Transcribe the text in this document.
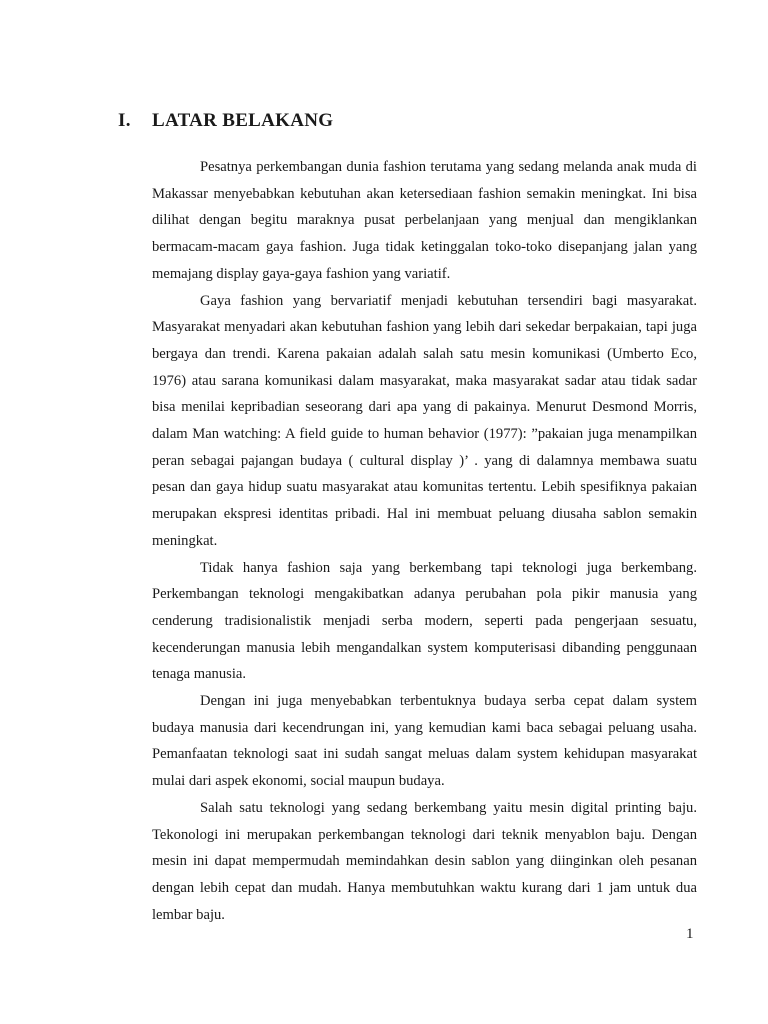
I.	LATAR BELAKANG

Pesatnya perkembangan dunia fashion terutama yang sedang melanda anak muda di Makassar menyebabkan kebutuhan akan ketersediaan fashion semakin meningkat. Ini bisa dilihat dengan begitu maraknya pusat perbelanjaan yang menjual dan mengiklankan bermacam-macam gaya fashion. Juga tidak ketinggalan toko-toko disepanjang jalan yang memajang display gaya-gaya fashion yang variatif.

Gaya fashion yang bervariatif menjadi kebutuhan tersendiri bagi masyarakat. Masyarakat menyadari akan kebutuhan fashion yang lebih dari sekedar berpakaian, tapi juga bergaya dan trendi. Karena pakaian adalah salah satu mesin komunikasi (Umberto Eco, 1976) atau sarana komunikasi dalam masyarakat, maka masyarakat sadar atau tidak sadar bisa menilai kepribadian seseorang dari apa yang di pakainya. Menurut Desmond Morris, dalam Man watching: A field guide to human behavior (1977): ”pakaian juga menampilkan peran sebagai pajangan budaya ( cultural display )’ . yang di dalamnya membawa suatu pesan dan gaya hidup suatu masyarakat atau komunitas tertentu. Lebih spesifiknya pakaian merupakan ekspresi identitas pribadi. Hal ini membuat peluang diusaha sablon semakin meningkat.

Tidak hanya fashion saja yang berkembang tapi teknologi juga berkembang. Perkembangan teknologi mengakibatkan adanya perubahan pola pikir manusia yang cenderung tradisionalistik menjadi serba modern, seperti pada pengerjaan sesuatu, kecenderungan manusia lebih mengandalkan system komputerisasi dibanding penggunaan tenaga manusia.

Dengan ini juga menyebabkan terbentuknya budaya serba cepat dalam system budaya manusia dari kecendrungan ini, yang kemudian kami baca sebagai peluang usaha. Pemanfaatan teknologi saat ini sudah sangat meluas dalam system kehidupan masyarakat mulai dari aspek ekonomi, social maupun budaya.

Salah satu teknologi yang sedang berkembang yaitu mesin digital printing baju. Tekonologi ini merupakan perkembangan teknologi dari teknik menyablon baju. Dengan mesin ini dapat mempermudah memindahkan desin sablon yang diinginkan oleh pesanan dengan lebih cepat dan mudah. Hanya membutuhkan waktu kurang dari 1 jam untuk dua lembar baju.

1
